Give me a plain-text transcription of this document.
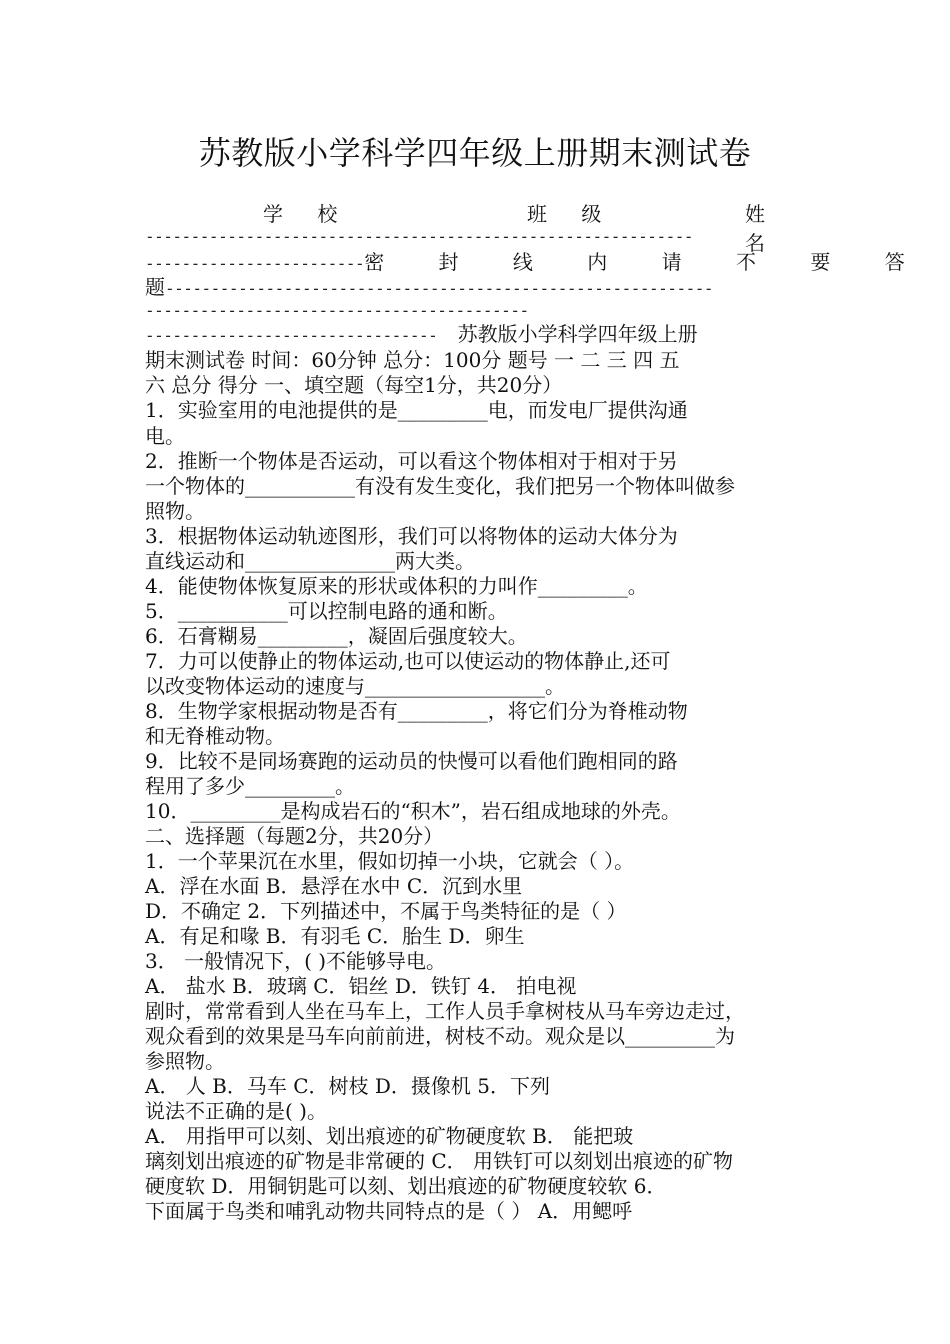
苏教版小学科学四年级上册期末测试卷
学 校	班 级	姓 名
------------------------------------------------------------
------------------------密 封 线 内 请 不 要 答
题------------------------------------------------------------
------------------------------------------
-------------------------------- 苏教版小学科学四年级上册
期末测试卷 时间：60分钟 总分：100分 题号 一 二 三 四 五
六 总分 得分 一、填空题（每空1分，共20分）
1．实验室用的电池提供的是_________电，而发电厂提供沟通
电。
2．推断一个物体是否运动，可以看这个物体相对于相对于另
一个物体的___________有没有发生变化，我们把另一个物体叫做参
照物。
3．根据物体运动轨迹图形，我们可以将物体的运动大体分为
直线运动和_______________两大类。
4．能使物体恢复原来的形状或体积的力叫作_________。
5．___________可以控制电路的通和断。
6．石膏糊易_________，凝固后强度较大。
7．力可以使静止的物体运动,也可以使运动的物体静止,还可
以改变物体运动的速度与__________________。
8．生物学家根据动物是否有_________，将它们分为脊椎动物
和无脊椎动物。
9．比较不是同场赛跑的运动员的快慢可以看他们跑相同的路
程用了多少_________。
10．_________是构成岩石的“积木”，岩石组成地球的外壳。
二、选择题（每题2分，共20分）
1．一个苹果沉在水里，假如切掉一小块，它就会（ ）。
A．浮在水面 B．悬浮在水中 C．沉到水里
D．不确定 2．下列描述中，不属于鸟类特征的是（ ）
A．有足和喙 B．有羽毛 C．胎生 D．卵生
3． 一般情况下，( )不能够导电。
A． 盐水 B．玻璃 C．铝丝 D．铁钉 4． 拍电视
剧时，常常看到人坐在马车上，工作人员手拿树枝从马车旁边走过，
观众看到的效果是马车向前前进，树枝不动。观众是以_________为
参照物。
A． 人 B．马车 C．树枝 D．摄像机 5．下列
说法不正确的是( )。
A． 用指甲可以刻、划出痕迹的矿物硬度软 B． 能把玻
璃刻划出痕迹的矿物是非常硬的 C． 用铁钉可以刻划出痕迹的矿物
硬度软 D．用铜钥匙可以刻、划出痕迹的矿物硬度较软 6．
下面属于鸟类和哺乳动物共同特点的是（ ） A．用鳃呼
